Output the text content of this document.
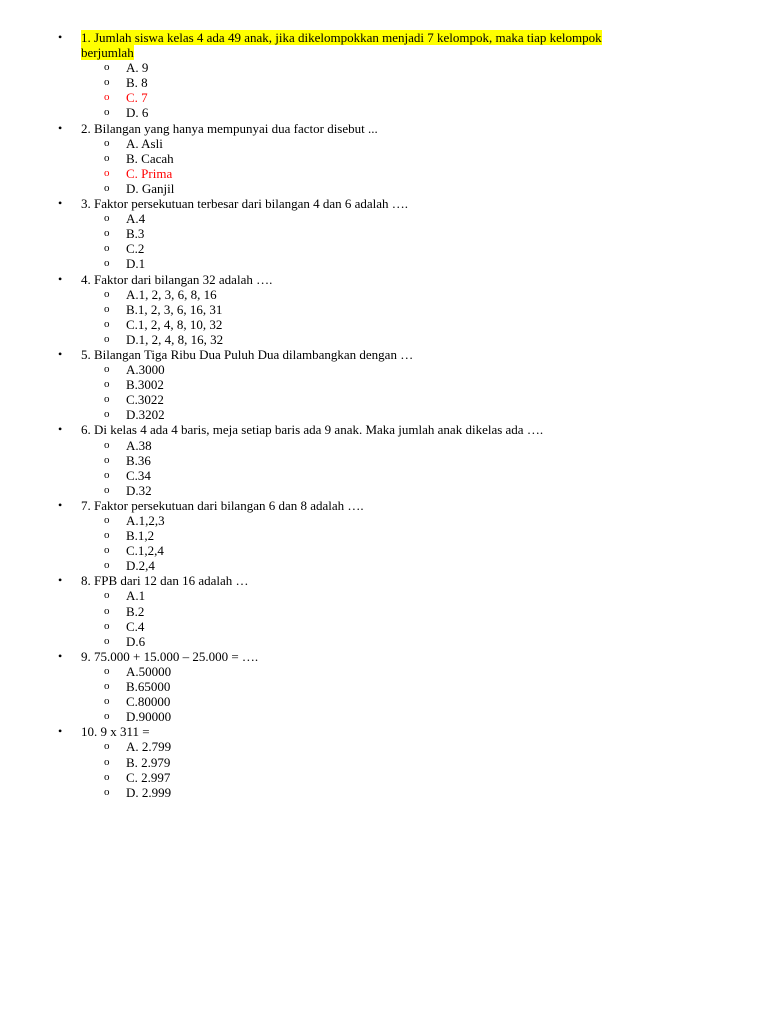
•	1. Jumlah siswa kelas 4 ada 49 anak, jika dikelompokkan menjadi 7 kelompok, maka tiap kelompok
berjumlah
o A. 9
o B. 8
o C. 7
o D. 6
•	2. Bilangan yang hanya mempunyai dua factor disebut ...
o A. Asli
o B. Cacah
o C. Prima
o D. Ganjil
•	3. Faktor persekutuan terbesar dari bilangan 4 dan 6 adalah ….
o A.4
o B.3
o C.2
o D.1
•	4. Faktor dari bilangan 32 adalah ….
o A.1, 2, 3, 6, 8, 16
o B.1, 2, 3, 6, 16, 31
o C.1, 2, 4, 8, 10, 32
o D.1, 2, 4, 8, 16, 32
•	5. Bilangan Tiga Ribu Dua Puluh Dua dilambangkan dengan …
o A.3000
o B.3002
o C.3022
o D.3202
•	6. Di kelas 4 ada 4 baris, meja setiap baris ada 9 anak. Maka jumlah anak dikelas ada ….
o A.38
o B.36
o C.34
o D.32
•	7. Faktor persekutuan dari bilangan 6 dan 8 adalah ….
o A.1,2,3
o B.1,2
o C.1,2,4
o D.2,4
•	8. FPB dari 12 dan 16 adalah …
o A.1
o B.2
o C.4
o D.6
•	9. 75.000 + 15.000 – 25.000 = ….
o A.50000
o B.65000
o C.80000
o D.90000
•	10. 9 x 311 =
o A. 2.799
o B. 2.979
o C. 2.997
o D. 2.999
